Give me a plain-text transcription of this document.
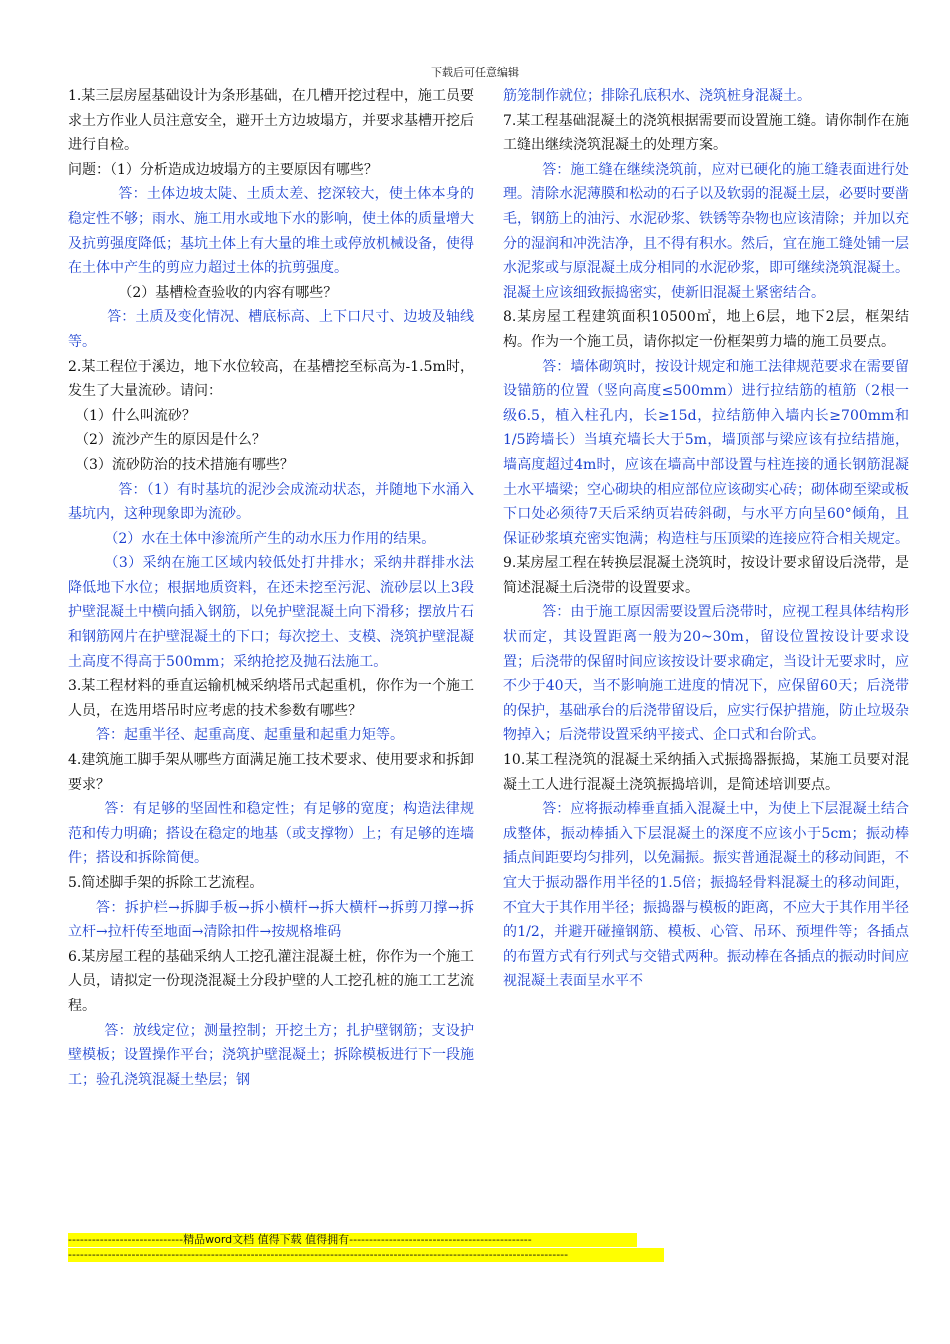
下载后可任意编辑

1.某三层房屋基础设计为条形基础，在几槽开挖过程中，施工员要求土方作业人员注意安全，避开土方边坡塌方，并要求基槽开挖后进行自检。

问题：（1）分析造成边坡塌方的主要原因有哪些？

答：土体边坡太陡、土质太差、挖深较大，使土体本身的稳定性不够；雨水、施工用水或地下水的影响，使土体的质量增大及抗剪强度降低；基坑土体上有大量的堆土或停放机械设备，使得在土体中产生的剪应力超过土体的抗剪强度。

（2）基槽检查验收的内容有哪些？

答：土质及变化情况、槽底标高、上下口尺寸、边坡及轴线等。

2.某工程位于溪边，地下水位较高，在基槽挖至标高为-1.5m时，发生了大量流砂。请问：

（1）什么叫流砂？

（2）流沙产生的原因是什么？

（3）流砂防治的技术措施有哪些？

答：（1）有时基坑的泥沙会成流动状态，并随地下水涌入基坑内，这种现象即为流砂。

（2）水在土体中渗流所产生的动水压力作用的结果。

（3）采纳在施工区域内较低处打井排水；采纳井群排水法降低地下水位；根据地质资料，在还未挖至污泥、流砂层以上3段护壁混凝土中横向插入钢筋，以免护壁混凝土向下滑移；摆放片石和钢筋网片在护壁混凝土的下口；每次挖土、支模、浇筑护壁混凝土高度不得高于500mm；采纳抢挖及抛石法施工。

3.某工程材料的垂直运输机械采纳塔吊式起重机，你作为一个施工人员，在选用塔吊时应考虑的技术参数有哪些？

答：起重半径、起重高度、起重量和起重力矩等。

4.建筑施工脚手架从哪些方面满足施工技术要求、使用要求和拆卸要求？

答：有足够的坚固性和稳定性；有足够的宽度；构造法律规范和传力明确；搭设在稳定的地基（或支撑物）上；有足够的连墙件；搭设和拆除简便。

5.简述脚手架的拆除工艺流程。

答：拆护栏→拆脚手板→拆小横杆→拆大横杆→拆剪刀撑→拆立杆→拉杆传至地面→清除扣件→按规格堆码

6.某房屋工程的基础采纳人工挖孔灌注混凝土桩，你作为一个施工人员，请拟定一份现浇混凝土分段护壁的人工挖孔桩的施工工艺流程。

答：放线定位；测量控制；开挖土方；扎护壁钢筋；支设护壁模板；设置操作平台；浇筑护壁混凝土；拆除模板进行下一段施工；验孔浇筑混凝土垫层；钢

筋笼制作就位；排除孔底积水、浇筑桩身混凝土。

7.某工程基础混凝土的浇筑根据需要而设置施工缝。请你制作在施工缝出继续浇筑混凝土的处理方案。

答：施工缝在继续浇筑前，应对已硬化的施工缝表面进行处理。清除水泥薄膜和松动的石子以及软弱的混凝土层，必要时要凿毛，钢筋上的油污、水泥砂浆、铁锈等杂物也应该清除；并加以充分的湿润和冲洗洁净，且不得有积水。然后，宜在施工缝处铺一层水泥浆或与原混凝土成分相同的水泥砂浆，即可继续浇筑混凝土。混凝土应该细致振捣密实，使新旧混凝土紧密结合。

8.某房屋工程建筑面积10500㎡，地上6层，地下2层，框架结构。作为一个施工员，请你拟定一份框架剪力墙的施工员要点。

答：墙体砌筑时，按设计规定和施工法律规范要求在需要留设锚筋的位置（竖向高度≤500mm）进行拉结筋的植筋（2根一级6.5，植入柱孔内，长≥15d，拉结筋伸入墙内长≥700mm和1/5跨墙长）当填充墙长大于5m，墙顶部与梁应该有拉结措施，墙高度超过4m时，应该在墙高中部设置与柱连接的通长钢筋混凝土水平墙梁；空心砌块的相应部位应该砌实心砖；砌体砌至梁或板下口处必须待7天后采纳页岩砖斜砌，与水平方向呈60°倾角，且保证砂浆填充密实饱满；构造柱与压顶梁的连接应符合相关规定。

9.某房屋工程在转换层混凝土浇筑时，按设计要求留设后浇带，是简述混凝土后浇带的设置要求。

答：由于施工原因需要设置后浇带时，应视工程具体结构形状而定，其设置距离一般为20~30m，留设位置按设计要求设置；后浇带的保留时间应该按设计要求确定，当设计无要求时，应不少于40天，当不影响施工进度的情况下，应保留60天；后浇带的保护，基础承台的后浇带留设后，应实行保护措施，防止垃圾杂物掉入；后浇带设置采纳平接式、企口式和台阶式。

10.某工程浇筑的混凝土采纳插入式振捣器振捣，某施工员要对混凝土工人进行混凝土浇筑振捣培训，是简述培训要点。

答：应将振动棒垂直插入混凝土中，为使上下层混凝土结合成整体，振动棒插入下层混凝土的深度不应该小于5cm；振动棒插点间距要均匀排列，以免漏振。振实普通混凝土的移动间距，不宜大于振动器作用半径的1.5倍；振捣轻骨料混凝土的移动间距，不宜大于其作用半径；振捣器与模板的距离，不应大于其作用半径的1/2，并避开碰撞钢筋、模板、心管、吊环、预埋件等；各插点的布置方式有行列式与交错式两种。振动棒在各插点的振动时间应视混凝土表面呈水平不

-----------------------------精品word文档 值得下载 值得拥有----------------------------------------------
------------------------------------------------------------------------------------------------------------------------------
